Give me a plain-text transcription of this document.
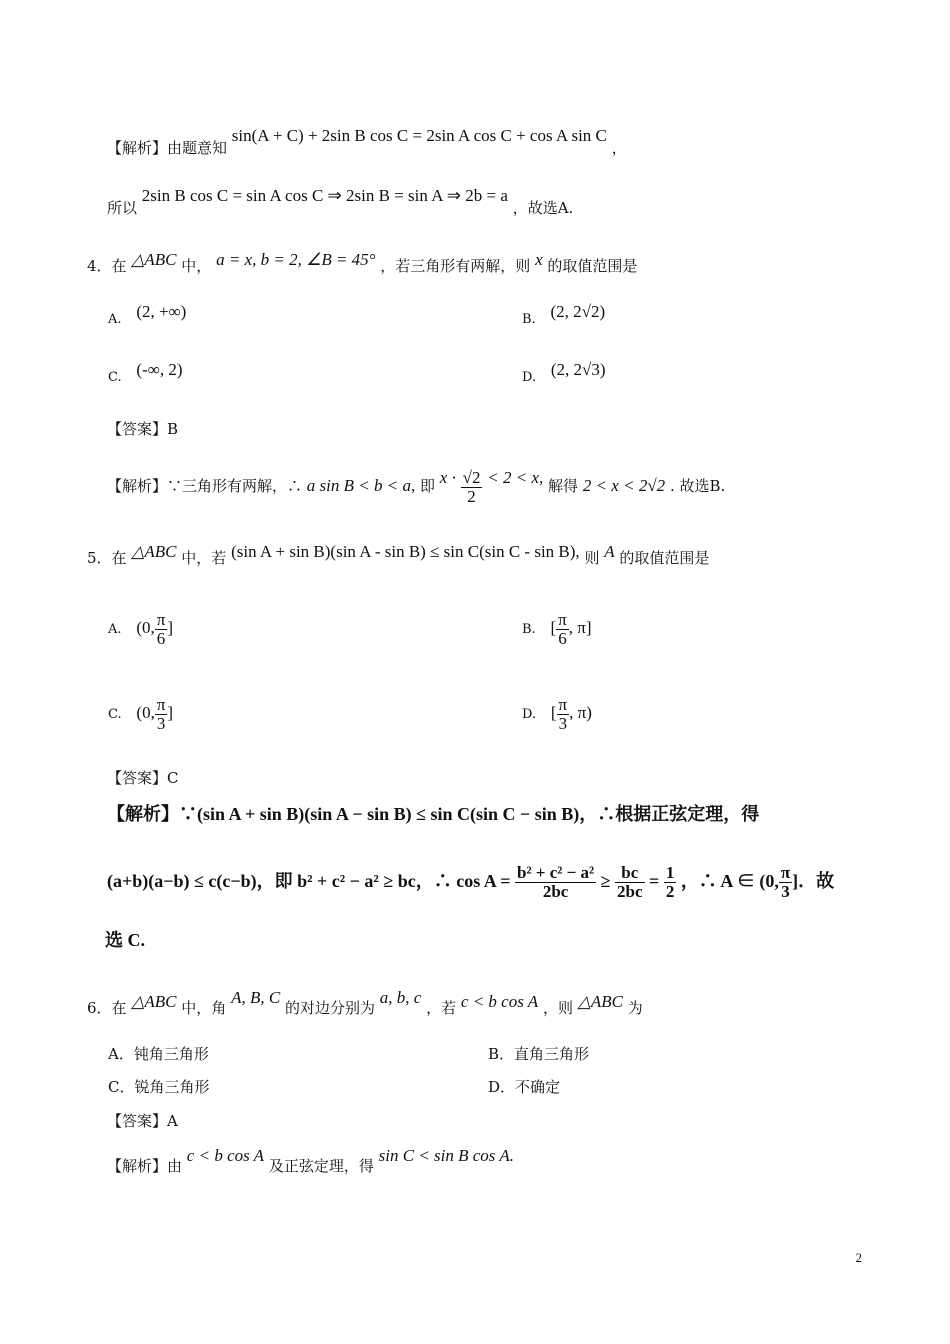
【解析】由题意知 sin(A + C) + 2sin B cos C = 2sin A cos C + cos A sin C ，
所以 2sin B cos C = sin A cos C ⇒ 2sin B = sin A ⇒ 2b = a ，故选A.
4．在 △ABC 中， a = x, b = 2, ∠B = 45° ，若三角形有两解，则 x 的取值范围是
A. (2, +∞)	B. (2, 2√2)
C. (-∞, 2)	D. (2, 2√3)
【答案】B
【解析】∵三角形有两解，∴ a sin B < b < a, 即 $x \cdot \frac{√2}{2} < 2 < x$, 解得 2 < x < 2√2 . 故选B.
5．在 △ABC 中，若 (sin A + sin B)(sin A - sin B) ≤ sin C(sin C - sin B), 则 A 的取值范围是
A. (0, $\frac{\pi}{6}$ ]	B. [ $\frac{\pi}{6}$ , π]
C. (0, $\frac{\pi}{3}$ ]	D. [ $\frac{\pi}{3}$ , π)
【答案】C
【解析】∵(sin A + sin B)(sin A − sin B) ≤ sin C(sin C − sin B)，∴根据正弦定理，得
(a+b)(a−b) ≤ c(c−b)，即 b² + c² − a² ≥ bc，∴ $\cos A = \frac{\text{b² + c² − a²}}{2bc} \ge \frac{bc}{2bc} = \frac{1}{2}$ ，∴ A ∈ (0, $\frac{\pi}{3}$ ]．故
选 C.
6．在 △ABC 中，角 A, B, C 的对边分别为 a, b, c ，若 c < b cos A ，则 △ABC 为
A．钝角三角形	B．直角三角形
C．锐角三角形	D．不确定
【答案】A
【解析】由 c < b cos A 及正弦定理，得 sin C < sin B cos A.
2
